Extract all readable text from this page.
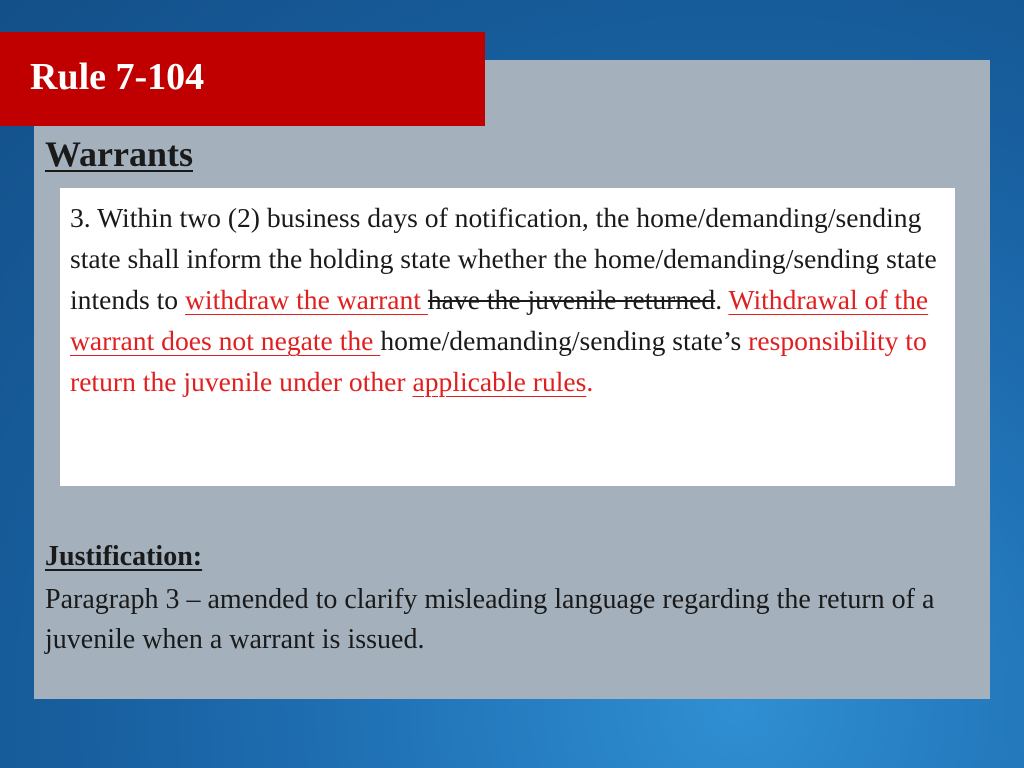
Rule 7-104
Warrants

3. Within two (2) business days of notification, the home/demanding/sending state shall inform the holding state whether the home/demanding/sending state intends to withdraw the warrant have the juvenile returned. Withdrawal of the warrant does not negate the home/demanding/sending state’s responsibility to return the juvenile under other applicable rules.

Justification:

Paragraph 3 – amended to clarify misleading language regarding the return of a juvenile when a warrant is issued.
